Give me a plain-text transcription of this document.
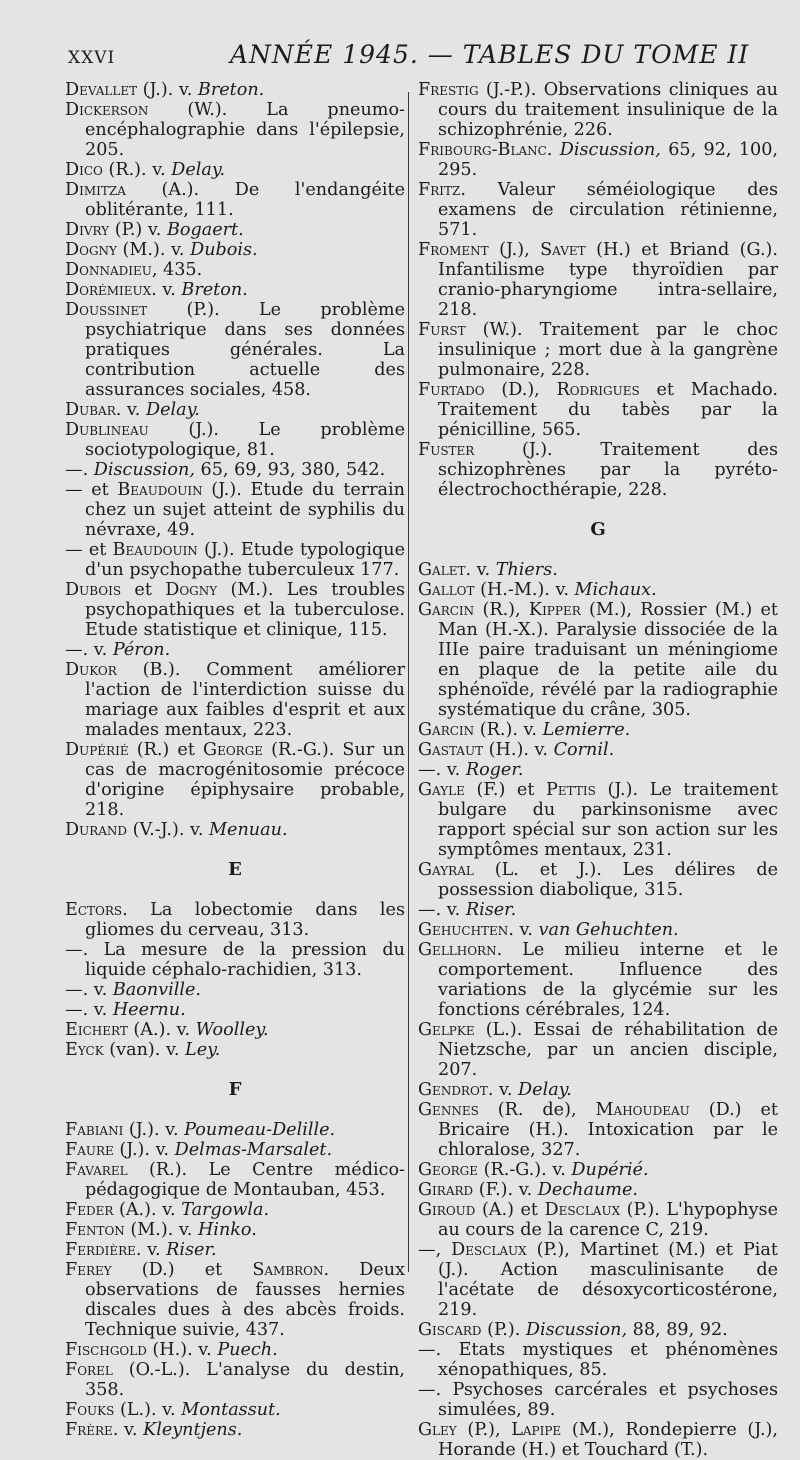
XXVI	ANNÉE 1945. — TABLES DU TOME II

Devallet (J.). v. Breton.

Dickerson (W.). La pneumo-encéphalographie dans l'épilepsie, 205.

Dico (R.). v. Delay.

Dimitza (A.). De l'endangéite oblitérante, 111.

Divry (P.) v. Bogaert.

Dogny (M.). v. Dubois.

Donnadieu, 435.

Dorémieux. v. Breton.

Doussinet (P.). Le problème psychiatrique dans ses données pratiques générales. La contribution actuelle des assurances sociales, 458.

Dubar. v. Delay.

Dublineau (J.). Le problème sociotypologique, 81.

—. Discussion, 65, 69, 93, 380, 542.

— et Beaudouin (J.). Etude du terrain chez un sujet atteint de syphilis du névraxe, 49.

— et Beaudouin (J.). Etude typologique d'un psychopathe tuberculeux 177.

Dubois et Dogny (M.). Les troubles psychopathiques et la tuberculose. Etude statistique et clinique, 115.

—. v. Péron.

Dukor (B.). Comment améliorer l'action de l'interdiction suisse du mariage aux faibles d'esprit et aux malades mentaux, 223.

Dupérié (R.) et George (R.-G.). Sur un cas de macrogénitosomie précoce d'origine épiphysaire probable, 218.

Durand (V.-J.). v. Menuau.

E

Ectors. La lobectomie dans les gliomes du cerveau, 313.

—. La mesure de la pression du liquide céphalo-rachidien, 313.

—. v. Baonville.

—. v. Heernu.

Eichert (A.). v. Woolley.

Eyck (van). v. Ley.

F

Fabiani (J.). v. Poumeau-Delille.

Faure (J.). v. Delmas-Marsalet.

Favarel (R.). Le Centre médico-pédagogique de Montauban, 453.

Feder (A.). v. Targowla.

Fenton (M.). v. Hinko.

Ferdière. v. Riser.

Ferey (D.) et Sambron. Deux observations de fausses hernies discales dues à des abcès froids. Technique suivie, 437.

Fischgold (H.). v. Puech.

Forel (O.-L.). L'analyse du destin, 358.

Fouks (L.). v. Montassut.

Frère. v. Kleyntjens.

Frestig (J.-P.). Observations cliniques au cours du traitement insulinique de la schizophrénie, 226.

Fribourg-Blanc. Discussion, 65, 92, 100, 295.

Fritz. Valeur séméiologique des examens de circulation rétinienne, 571.

Froment (J.), Savet (H.) et Briand (G.). Infantilisme type thyroïdien par cranio-pharyngiome intra-sellaire, 218.

Furst (W.). Traitement par le choc insulinique ; mort due à la gangrène pulmonaire, 228.

Furtado (D.), Rodrigues et Machado. Traitement du tabès par la pénicilline, 565.

Fuster (J.). Traitement des schizophrènes par la pyréto-électrochocthérapie, 228.

G

Galet. v. Thiers.

Gallot (H.-M.). v. Michaux.

Garcin (R.), Kipper (M.), Rossier (M.) et Man (H.-X.). Paralysie dissociée de la IIIe paire traduisant un méningiome en plaque de la petite aile du sphénoïde, révélé par la radiographie systématique du crâne, 305.

Garcin (R.). v. Lemierre.

Gastaut (H.). v. Cornil.

—. v. Roger.

Gayle (F.) et Pettis (J.). Le traitement bulgare du parkinsonisme avec rapport spécial sur son action sur les symptômes mentaux, 231.

Gayral (L. et J.). Les délires de possession diabolique, 315.

—. v. Riser.

Gehuchten. v. van Gehuchten.

Gellhorn. Le milieu interne et le comportement. Influence des variations de la glycémie sur les fonctions cérébrales, 124.

Gelpke (L.). Essai de réhabilitation de Nietzsche, par un ancien disciple, 207.

Gendrot. v. Delay.

Gennes (R. de), Mahoudeau (D.) et Bricaire (H.). Intoxication par le chloralose, 327.

George (R.-G.). v. Dupérié.

Girard (F.). v. Dechaume.

Giroud (A.) et Desclaux (P.). L'hypophyse au cours de la carence C, 219.

—, Desclaux (P.), Martinet (M.) et Piat (J.). Action masculinisante de l'acétate de désoxycorticostérone, 219.

Giscard (P.). Discussion, 88, 89, 92.

—. Etats mystiques et phénomènes xénopathiques, 85.

—. Psychoses carcérales et psychoses simulées, 89.

Gley (P.), Lapipe (M.), Rondepierre (J.), Horande (H.) et Touchard (T.).
